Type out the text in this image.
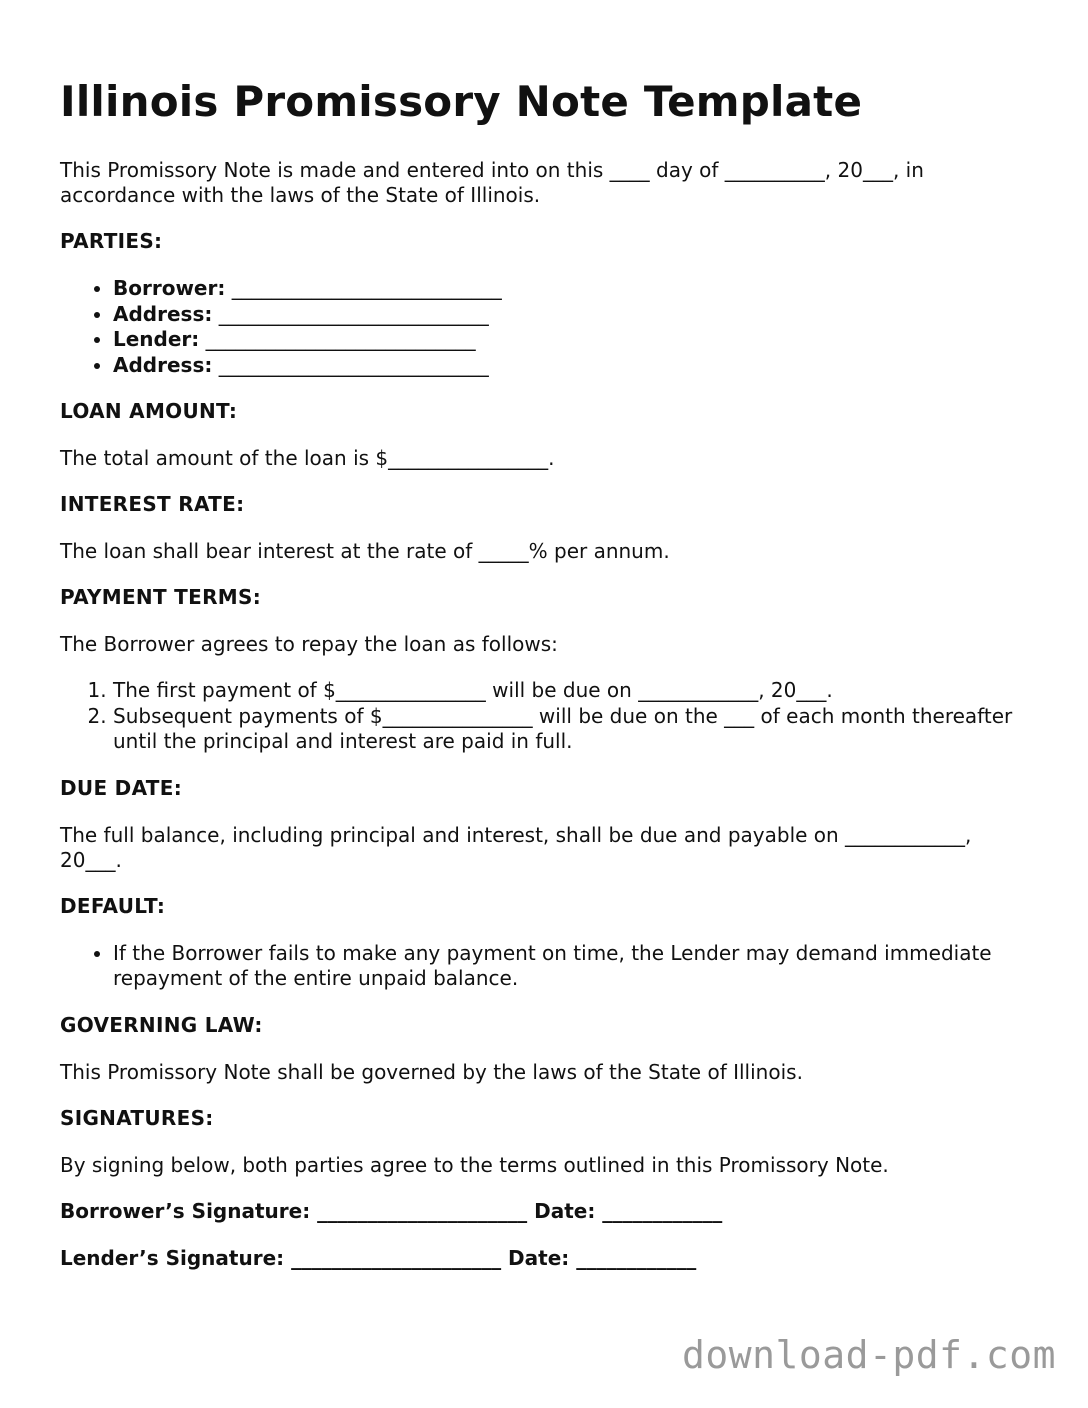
Illinois Promissory Note Template

This Promissory Note is made and entered into on this ____ day of __________, 20___, in accordance with the laws of the State of Illinois.

PARTIES:
• Borrower: ___________________________
• Address: ___________________________
• Lender: ___________________________
• Address: ___________________________
LOAN AMOUNT:

The total amount of the loan is $________________.

INTEREST RATE:

The loan shall bear interest at the rate of _____% per annum.

PAYMENT TERMS:

The Borrower agrees to repay the loan as follows:

1. The first payment of $_______________ will be due on ____________, 20___.
2. Subsequent payments of $_______________ will be due on the ___ of each month thereafter until the principal and interest are paid in full.
DUE DATE:

The full balance, including principal and interest, shall be due and payable on ____________, 20___.

DEFAULT:
• If the Borrower fails to make any payment on time, the Lender may demand immediate repayment of the entire unpaid balance.
GOVERNING LAW:

This Promissory Note shall be governed by the laws of the State of Illinois.

SIGNATURES:

By signing below, both parties agree to the terms outlined in this Promissory Note.

Borrower’s Signature: _____________________ Date: ____________
Lender’s Signature: _____________________ Date: ____________
download-pdf.com
